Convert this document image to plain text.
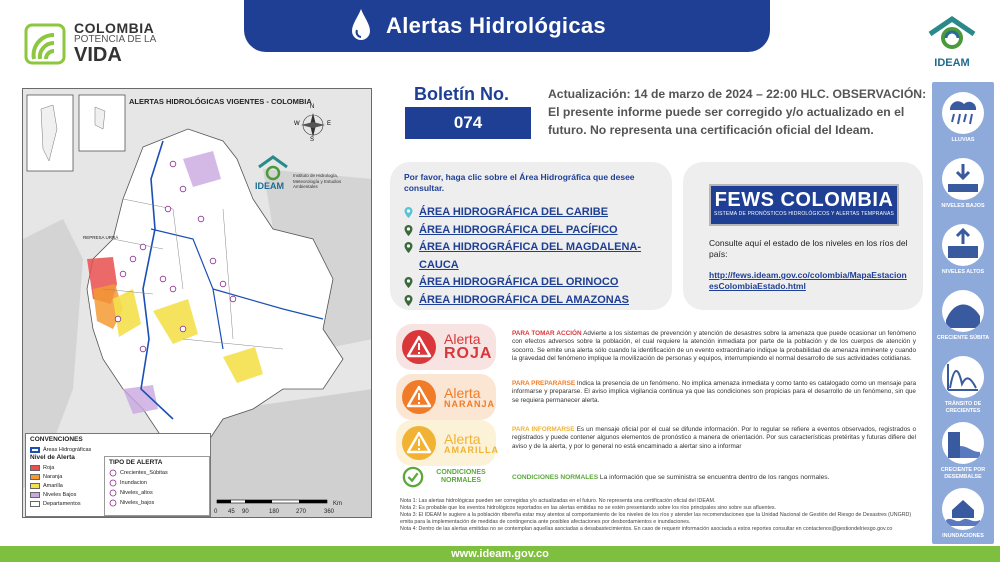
COLOMBIA
POTENCIA DE LA
VIDA
Alertas Hidrológicas
IDEAM
ALERTAS HIDROLÓGICAS VIGENTES - COLOMBIA
N
S
E
W
IDEAM
Instituto de Hidrología, Meteorología y Estudios Ambientales
REPRESA URRÁ
CONVENCIONES
Áreas Hidrográficas
Nivel de Alerta
Roja
Naranja
Amarilla
Niveles Bajos
Departamentos
TIPO DE ALERTA
Crecientes_Súbitas
Inundacion
Niveles_altos
Niveles_bajos
0 45 90	180	270	360
Km
Boletín No.
074
Actualización: 14 de marzo de 2024 – 22:00 HLC. OBSERVACIÓN: El presente informe puede ser corregido y/o actualizado en el futuro. No representa una certificación oficial del Ideam.
Por favor, haga clic sobre el Área Hidrográfica que desee consultar.
ÁREA HIDROGRÁFICA DEL CARIBE
ÁREA HIDROGRÁFICA DEL PACÍFICO
ÁREA HIDROGRÁFICA DEL MAGDALENA-CAUCA
ÁREA HIDROGRÁFICA DEL ORINOCO
ÁREA HIDROGRÁFICA DEL AMAZONAS
FEWS COLOMBIA
SISTEMA DE PRONÓSTICOS HIDROLÓGICOS Y ALERTAS TEMPRANAS
Consulte aquí el estado de los niveles en los ríos del país:
http://fews.ideam.gov.co/colombia/MapaEstacionesColombiaEstado.html
Alerta
ROJA
PARA TOMAR ACCIÓN Advierte a los sistemas de prevención y atención de desastres sobre la amenaza que puede ocasionar un fenómeno con efectos adversos sobre la población, el cual requiere la atención inmediata por parte de la población y de los cuerpos de atención y socorro. Se emite una alerta sólo cuando la identificación de un evento extraordinario indique la probabilidad de amenaza inminente y cuando la gravedad del fenómeno implique la movilización de personas y equipos, interrumpiendo el normal desarrollo de sus actividades cotidianas.
Alerta
NARANJA
PARA PREPARARSE Indica la presencia de un fenómeno. No implica amenaza inmediata y como tanto es catalogado como un mensaje para informarse y prepararse. El aviso implica vigilancia continua ya que las condiciones son propicias para el desarrollo de un fenómeno, sin que se requiera permanecer alerta.
Alerta
AMARILLA
PARA INFORMARSE Es un mensaje oficial por el cual se difunde información. Por lo regular se refiere a eventos observados, registrados o registrados y puede contener algunos elementos de pronóstico a manera de orientación. Por sus características pretéritas y futuras difiere del aviso y de la alerta, y por lo general no está encaminado a alertar sino a informar
CONDICIONES NORMALES	CONDICIONES NORMALES La información que se suministra se encuentra dentro de los rangos normales.
Nota 1: Las alertas hidrológicas pueden ser corregidas y/o actualizadas en el futuro. No representa una certificación oficial del IDEAM.
Nota 2: Es probable que los eventos hidrológicos reportados en las alertas emitidas no se estén presentando sobre los ríos principales sino sobre sus afluentes.
Nota 3: El IDEAM le sugiere a la población ribereña estar muy atentos al comportamiento de los niveles de los ríos y atender las recomendaciones que la Unidad Nacional de Gestión del Riesgo de Desastres (UNGRD) emita para la implementación de medidas de contingencia ante posibles afectaciones por desbordamientos e inundaciones.
Nota 4: Dentro de las alertas emitidas no se contemplan aquellas asociadas a desabastecimientos. En caso de requerir información asociada a estos reportes consultar en contactenos@gestiondelriesgo.gov.co
www.ideam.gov.co
LLUVIAS
NIVELES BAJOS
NIVELES ALTOS
CRECIENTE SÚBITA
TRÁNSITO DE CRECIENTES
CRECIENTE POR DESEMBALSE
INUNDACIONES
